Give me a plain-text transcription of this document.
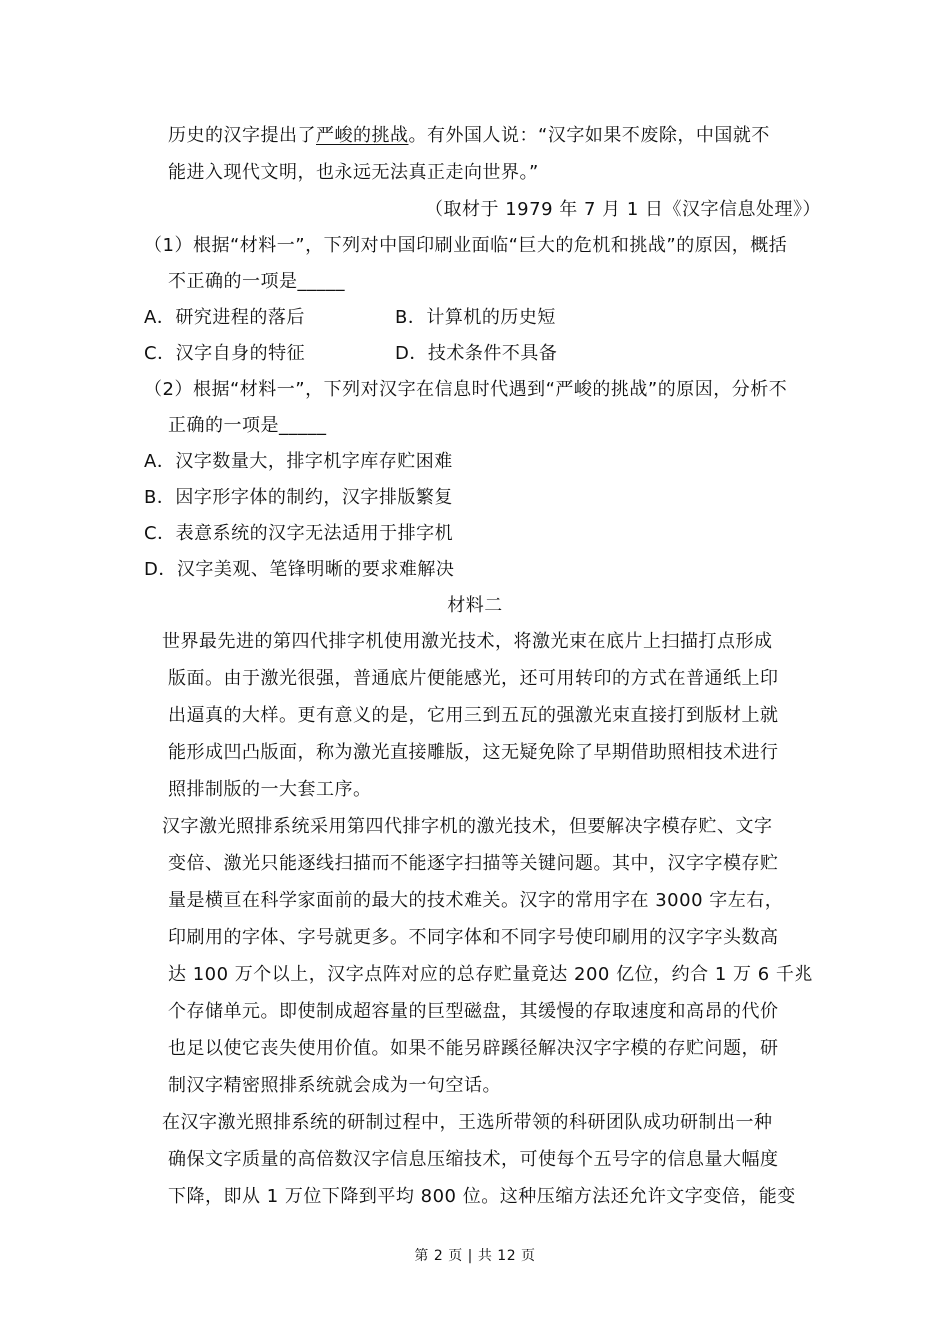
历史的汉字提出了严峻的挑战。有外国人说：“汉字如果不废除，中国就不
能进入现代文明，也永远无法真正走向世界。”
（取材于 1979 年 7 月 1 日《汉字信息处理》）
（1）根据“材料一”，下列对中国印刷业面临“巨大的危机和挑战”的原因，概括
不正确的一项是_____
A．研究进程的落后	B．计算机的历史短
C．汉字自身的特征	D．技术条件不具备
（2）根据“材料一”，下列对汉字在信息时代遇到“严峻的挑战”的原因，分析不
正确的一项是_____
A．汉字数量大，排字机字库存贮困难
B．因字形字体的制约，汉字排版繁复
C．表意系统的汉字无法适用于排字机
D．汉字美观、笔锋明晰的要求难解决
材料二
世界最先进的第四代排字机使用激光技术，将激光束在底片上扫描打点形成
版面。由于激光很强，普通底片便能感光，还可用转印的方式在普通纸上印
出逼真的大样。更有意义的是，它用三到五瓦的强激光束直接打到版材上就
能形成凹凸版面，称为激光直接雕版，这无疑免除了早期借助照相技术进行
照排制版的一大套工序。
汉字激光照排系统采用第四代排字机的激光技术，但要解决字模存贮、文字
变倍、激光只能逐线扫描而不能逐字扫描等关键问题。其中，汉字字模存贮
量是横亘在科学家面前的最大的技术难关。汉字的常用字在 3000 字左右，
印刷用的字体、字号就更多。不同字体和不同字号使印刷用的汉字字头数高
达 100 万个以上，汉字点阵对应的总存贮量竟达 200 亿位，约合 1 万 6 千兆
个存储单元。即使制成超容量的巨型磁盘，其缓慢的存取速度和高昂的代价
也足以使它丧失使用价值。如果不能另辟蹊径解决汉字字模的存贮问题，研
制汉字精密照排系统就会成为一句空话。
在汉字激光照排系统的研制过程中，王选所带领的科研团队成功研制出一种
确保文字质量的高倍数汉字信息压缩技术，可使每个五号字的信息量大幅度
下降，即从 1 万位下降到平均 800 位。这种压缩方法还允许文字变倍，能变
第 2 页 | 共 12 页
